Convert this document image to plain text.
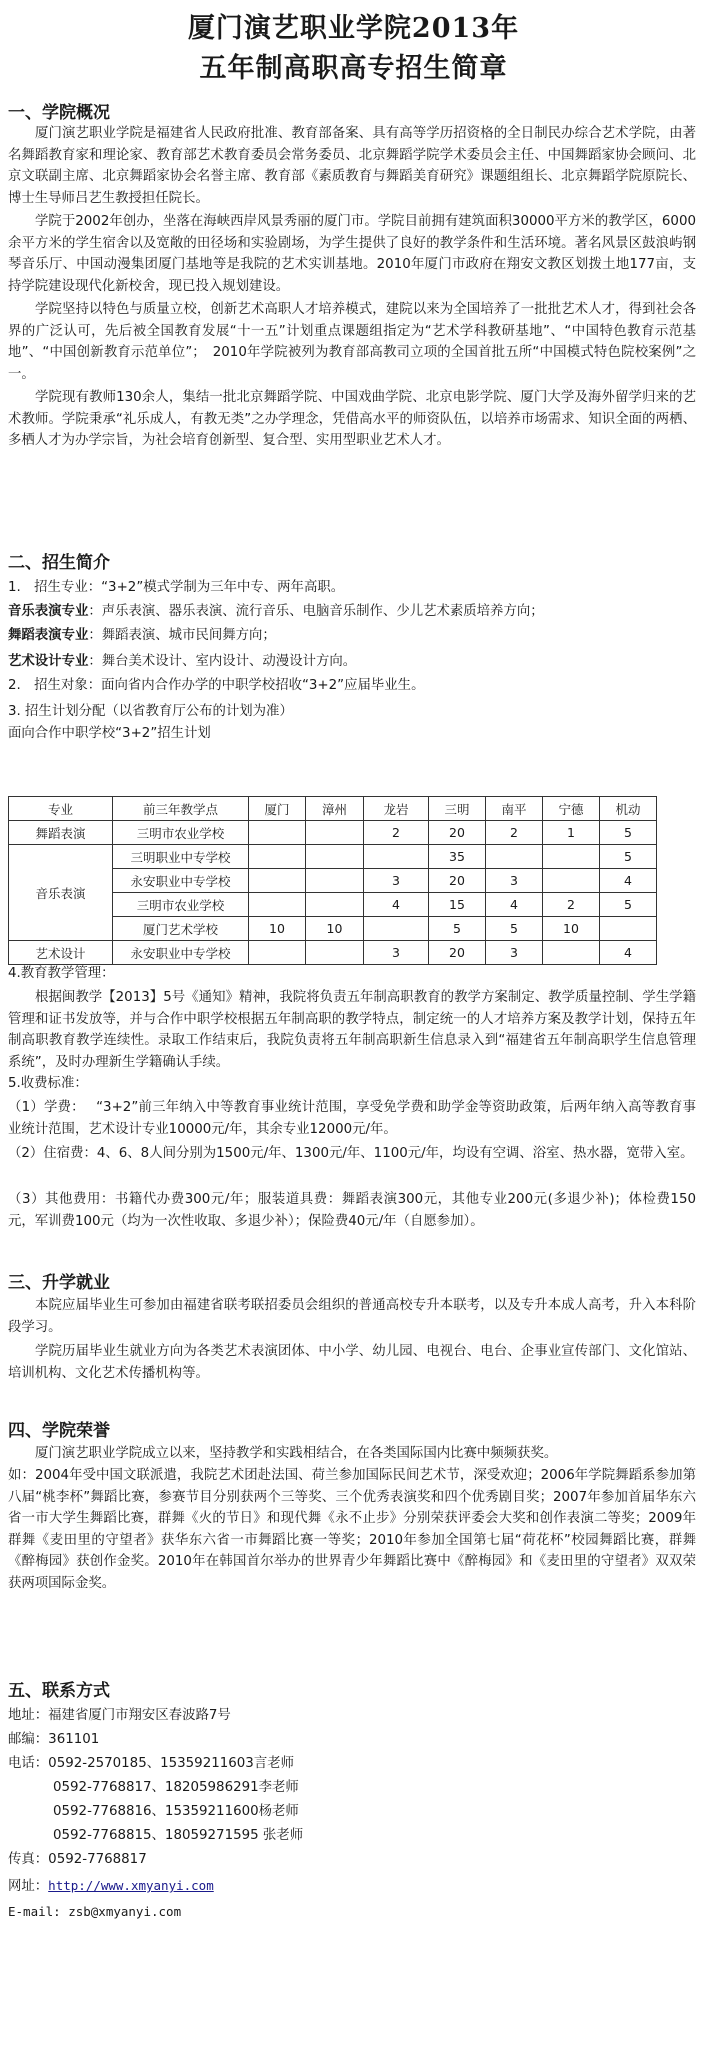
厦门演艺职业学院2013年
五年制高职高专招生简章
一、学院概况
厦门演艺职业学院是福建省人民政府批准、教育部备案、具有高等学历招资格的全日制民办综合艺术学院，由著名舞蹈教育家和理论家、教育部艺术教育委员会常务委员、北京舞蹈学院学术委员会主任、中国舞蹈家协会顾问、北京文联副主席、北京舞蹈家协会名誉主席、教育部《素质教育与舞蹈美育研究》课题组组长、北京舞蹈学院原院长、博士生导师吕艺生教授担任院长。
学院于2002年创办，坐落在海峡西岸风景秀丽的厦门市。学院目前拥有建筑面积30000平方米的教学区，6000余平方米的学生宿舍以及宽敞的田径场和实验剧场，为学生提供了良好的教学条件和生活环境。著名风景区鼓浪屿钢琴音乐厅、中国动漫集团厦门基地等是我院的艺术实训基地。2010年厦门市政府在翔安文教区划拨土地177亩，支持学院建设现代化新校舍，现已投入规划建设。
学院坚持以特色与质量立校，创新艺术高职人才培养模式，建院以来为全国培养了一批批艺术人才，得到社会各界的广泛认可，先后被全国教育发展“十一五”计划重点课题组指定为“艺术学科教研基地”、“中国特色教育示范基地”、“中国创新教育示范单位”；　2010年学院被列为教育部高教司立项的全国首批五所“中国模式特色院校案例”之一。
学院现有教师130余人，集结一批北京舞蹈学院、中国戏曲学院、北京电影学院、厦门大学及海外留学归来的艺术教师。学院秉承“礼乐成人，有教无类”之办学理念，凭借高水平的师资队伍，以培养市场需求、知识全面的两栖、多栖人才为办学宗旨，为社会培育创新型、复合型、实用型职业艺术人才。
二、招生简介
1.　招生专业：“3+2”模式学制为三年中专、两年高职。
音乐表演专业：声乐表演、器乐表演、流行音乐、电脑音乐制作、少儿艺术素质培养方向；
舞蹈表演专业：舞蹈表演、城市民间舞方向；
艺术设计专业：舞台美术设计、室内设计、动漫设计方向。
2.　招生对象：面向省内合作办学的中职学校招收“3+2”应届毕业生。
3. 招生计划分配（以省教育厅公布的计划为准）
面向合作中职学校“3+2”招生计划
专业	前三年教学点	厦门	漳州	龙岩	三明	南平	宁德	机动
舞蹈表演	三明市农业学校			2	20	2	1	5
音乐表演	三明职业中专学校				35			5
	永安职业中专学校			3	20	3		4
	三明市农业学校			4	15	4	2	5
	厦门艺术学校	10	10		5	5	10	
艺术设计	永安职业中专学校			3	20	3		4
4.教育教学管理：
根据闽教学【2013】5号《通知》精神，我院将负责五年制高职教育的教学方案制定、教学质量控制、学生学籍管理和证书发放等，并与合作中职学校根据五年制高职的教学特点，制定统一的人才培养方案及教学计划，保持五年制高职教育教学连续性。录取工作结束后，我院负责将五年制高职新生信息录入到“福建省五年制高职学生信息管理系统”，及时办理新生学籍确认手续。
5.收费标准：
（1）学费：　 “3+2”前三年纳入中等教育事业统计范围，享受免学费和助学金等资助政策，后两年纳入高等教育事业统计范围，艺术设计专业10000元/年，其余专业12000元/年。
（2）住宿费：4、6、8人间分别为1500元/年、1300元/年、1100元/年，均设有空调、浴室、热水器，宽带入室。
（3）其他费用：书籍代办费300元/年；服装道具费：舞蹈表演300元，其他专业200元(多退少补)；体检费150元，军训费100元（均为一次性收取、多退少补）；保险费40元/年（自愿参加）。
三、升学就业
本院应届毕业生可参加由福建省联考联招委员会组织的普通高校专升本联考，以及专升本成人高考，升入本科阶段学习。
学院历届毕业生就业方向为各类艺术表演团体、中小学、幼儿园、电视台、电台、企事业宣传部门、文化馆站、培训机构、文化艺术传播机构等。
四、学院荣誉
厦门演艺职业学院成立以来，坚持教学和实践相结合，在各类国际国内比赛中频频获奖。
如：2004年受中国文联派遣，我院艺术团赴法国、荷兰参加国际民间艺术节，深受欢迎；2006年学院舞蹈系参加第八届“桃李杯”舞蹈比赛，参赛节目分别获两个三等奖、三个优秀表演奖和四个优秀剧目奖；2007年参加首届华东六省一市大学生舞蹈比赛，群舞《火的节日》和现代舞《永不止步》分别荣获评委会大奖和创作表演二等奖；2009年群舞《麦田里的守望者》获华东六省一市舞蹈比赛一等奖；2010年参加全国第七届“荷花杯”校园舞蹈比赛，群舞《醉梅园》获创作金奖。2010年在韩国首尔举办的世界青少年舞蹈比赛中《醉梅园》和《麦田里的守望者》双双荣获两项国际金奖。
五、联系方式
地址：福建省厦门市翔安区春波路7号
邮编：361101
电话：0592-2570185、15359211603言老师
0592-7768817、18205986291李老师
0592-7768816、15359211600杨老师
0592-7768815、18059271595 张老师
传真：0592-7768817
网址：http://www.xmyanyi.com
E-mail: zsb@xmyanyi.com
